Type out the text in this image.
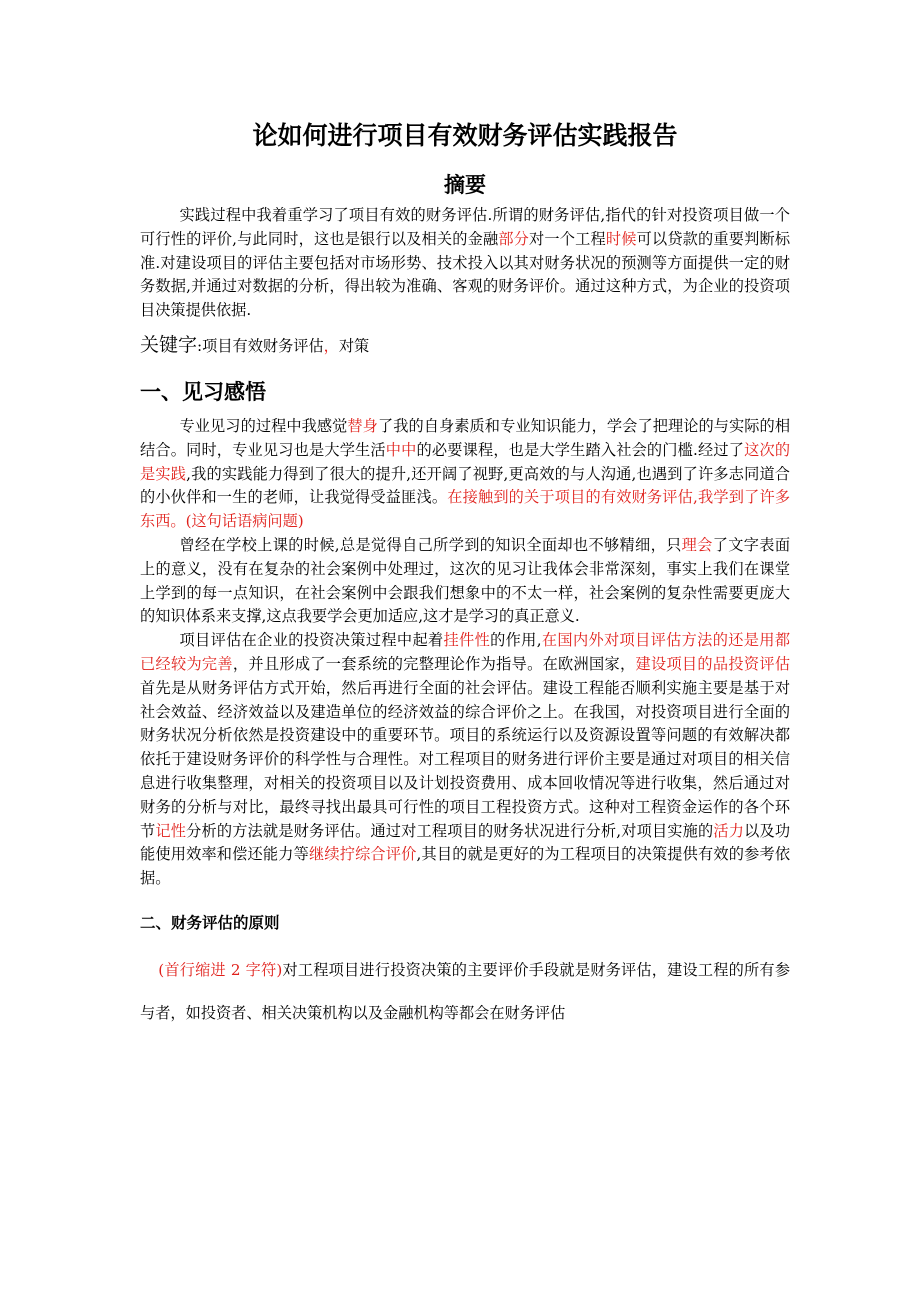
论如何进行项目有效财务评估实践报告
摘要

实践过程中我着重学习了项目有效的财务评估.所谓的财务评估,指代的针对投资项目做一个可行性的评价,与此同时，这也是银行以及相关的金融部分对一个工程时候可以贷款的重要判断标准.对建设项目的评估主要包括对市场形势、技术投入以其对财务状况的预测等方面提供一定的财务数据,并通过对数据的分析，得出较为准确、客观的财务评价。通过这种方式，为企业的投资项目决策提供依据.

关键字:项目有效财务评估，对策
一、见习感悟

专业见习的过程中我感觉替身了我的自身素质和专业知识能力，学会了把理论的与实际的相结合。同时，专业见习也是大学生活中中的必要课程，也是大学生踏入社会的门槛.经过了这次的是实践,我的实践能力得到了很大的提升,还开阔了视野,更高效的与人沟通,也遇到了许多志同道合的小伙伴和一生的老师，让我觉得受益匪浅。在接触到的关于项目的有效财务评估,我学到了许多东西。(这句话语病问题)

曾经在学校上课的时候,总是觉得自己所学到的知识全面却也不够精细，只理会了文字表面上的意义，没有在复杂的社会案例中处理过，这次的见习让我体会非常深刻，事实上我们在课堂上学到的每一点知识，在社会案例中会跟我们想象中的不太一样，社会案例的复杂性需要更庞大的知识体系来支撑,这点我要学会更加适应,这才是学习的真正意义.

项目评估在企业的投资决策过程中起着挂件性的作用,在国内外对项目评估方法的还是用都已经较为完善，并且形成了一套系统的完整理论作为指导。在欧洲国家，建设项目的品投资评估首先是从财务评估方式开始，然后再进行全面的社会评估。建设工程能否顺利实施主要是基于对社会效益、经济效益以及建造单位的经济效益的综合评价之上。在我国，对投资项目进行全面的财务状况分析依然是投资建设中的重要环节。项目的系统运行以及资源设置等问题的有效解决都依托于建设财务评价的科学性与合理性。对工程项目的财务进行评价主要是通过对项目的相关信息进行收集整理，对相关的投资项目以及计划投资费用、成本回收情况等进行收集，然后通过对财务的分析与对比，最终寻找出最具可行性的项目工程投资方式。这种对工程资金运作的各个环节记性分析的方法就是财务评估。通过对工程项目的财务状况进行分析,对项目实施的活力以及功能使用效率和偿还能力等继续拧综合评价,其目的就是更好的为工程项目的决策提供有效的参考依据。

二、财务评估的原则

(首行缩进 2 字符)对工程项目进行投资决策的主要评价手段就是财务评估，建设工程的所有参与者，如投资者、相关决策机构以及金融机构等都会在财务评估
